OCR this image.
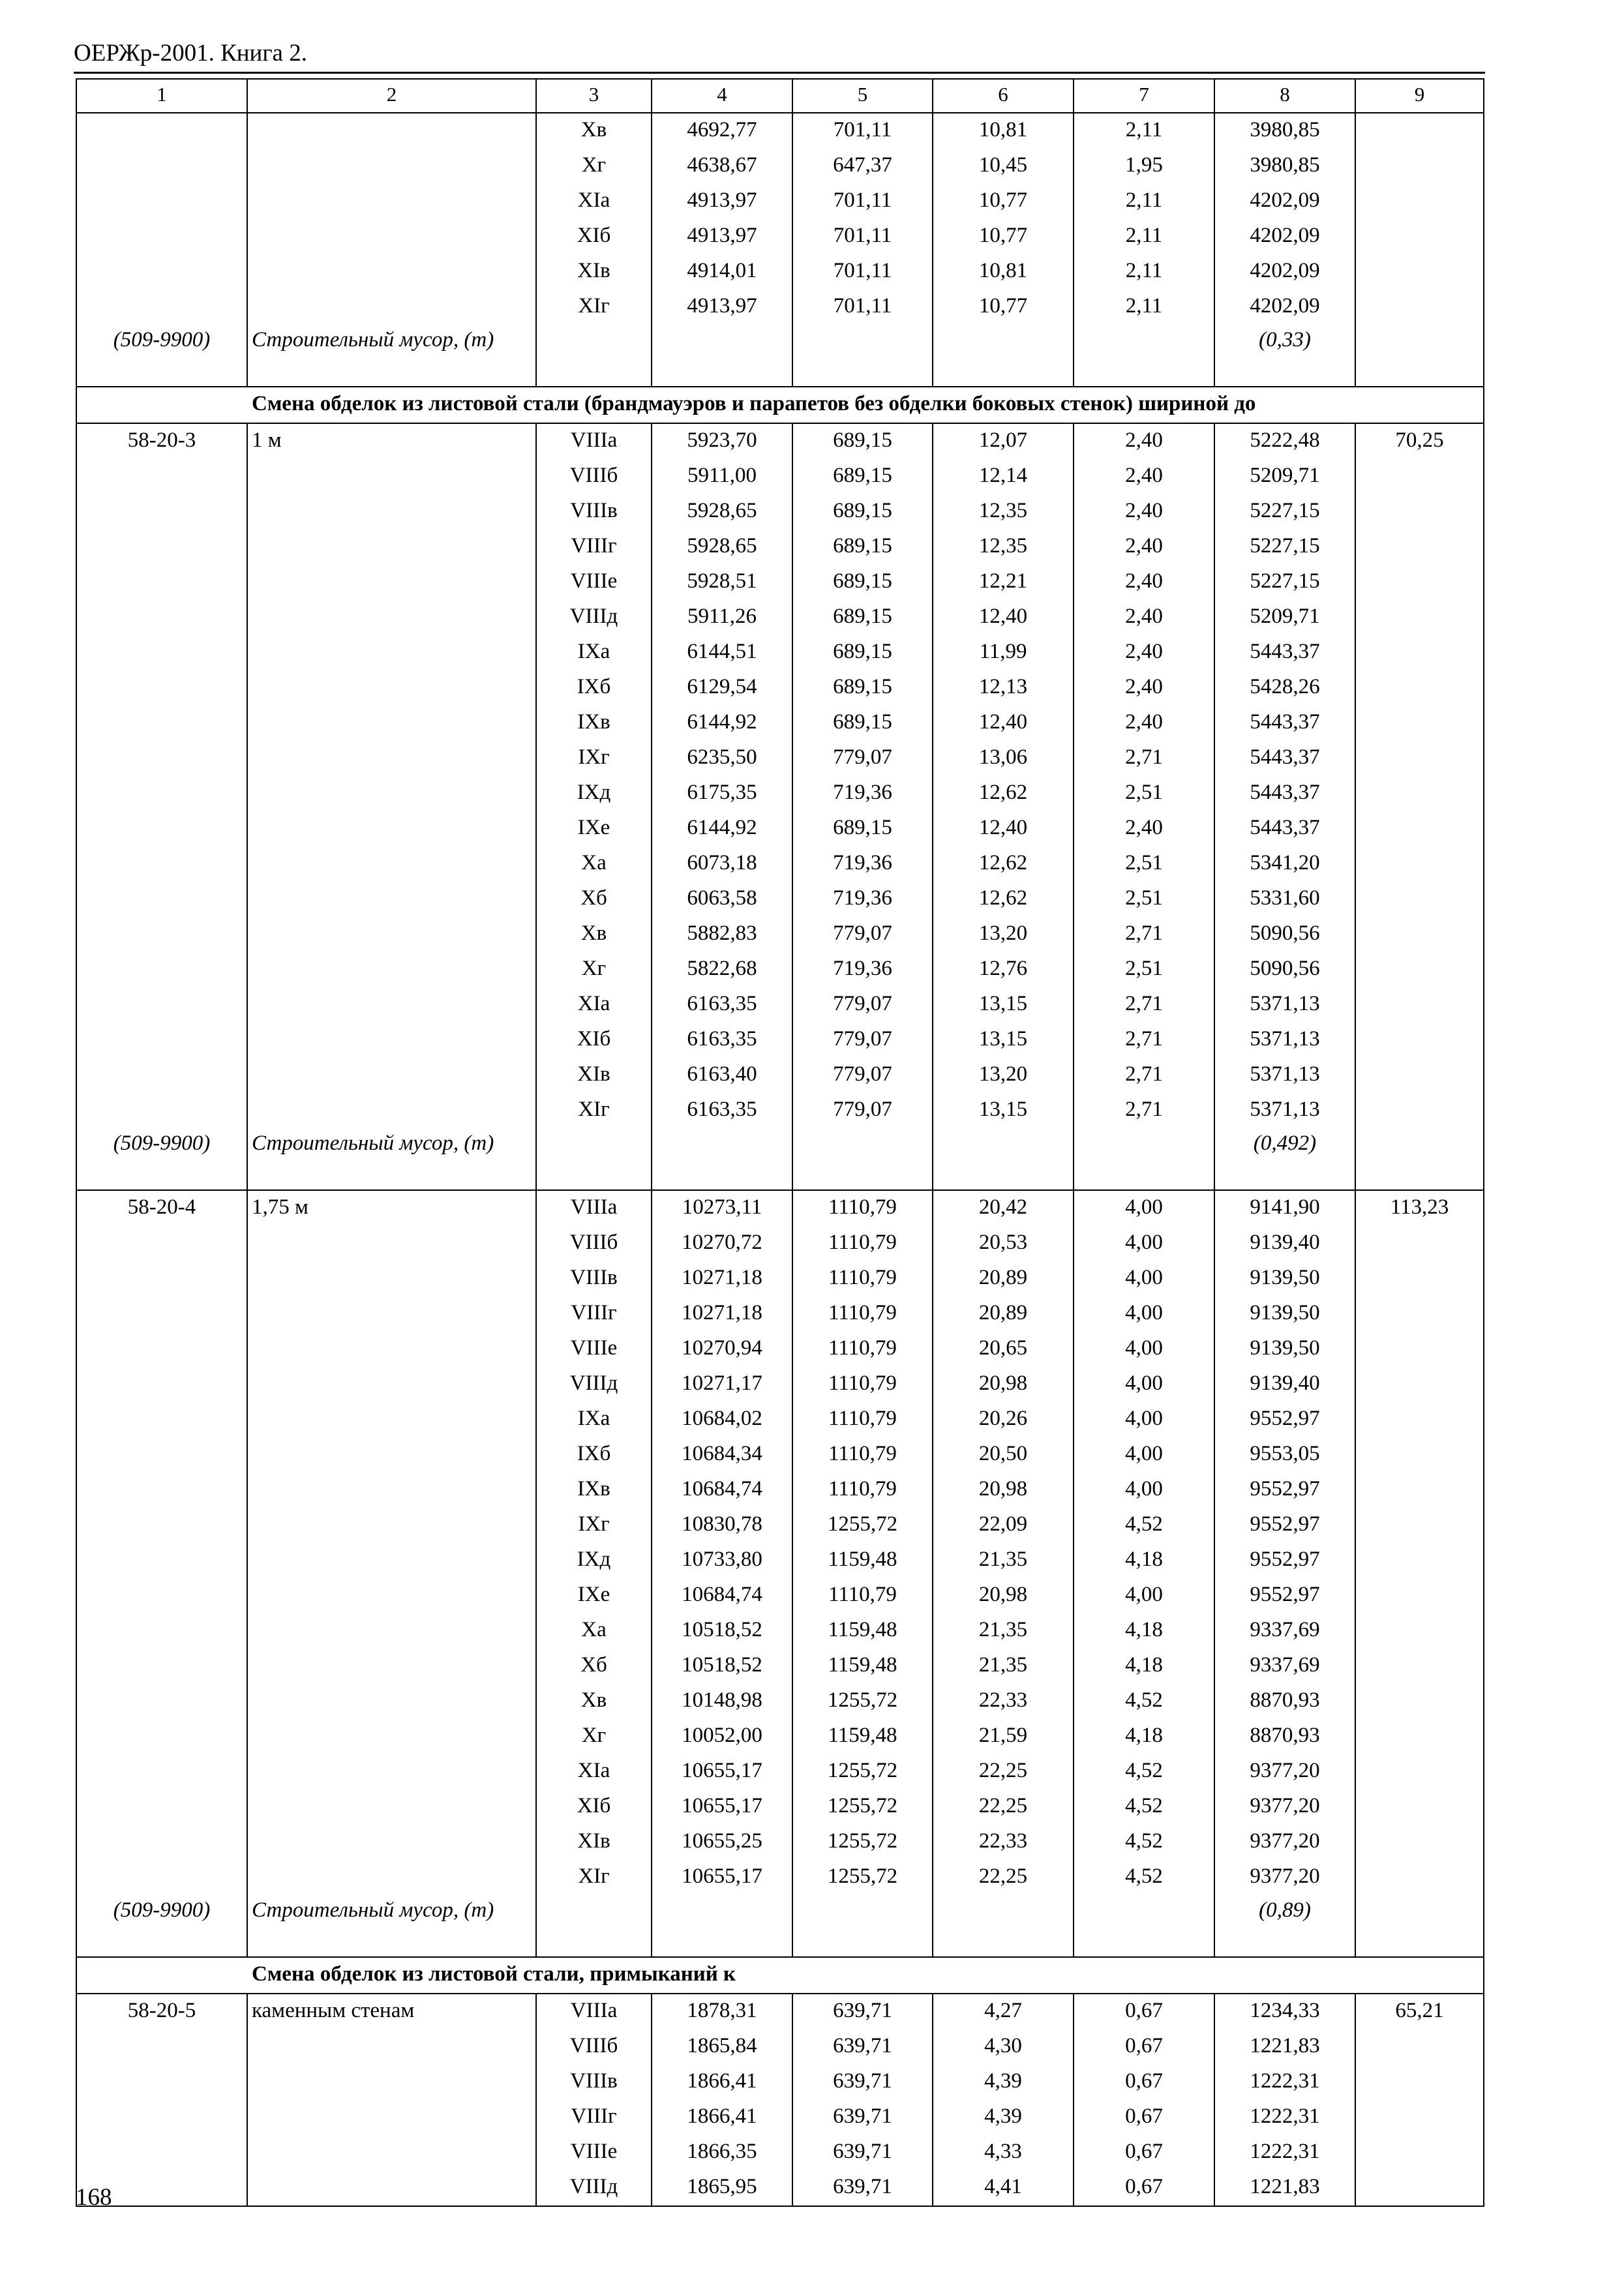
ОЕРЖр-2001. Книга 2.
1	2	3	4	5	6	7	8	9
		Xв	4692,77	701,11	10,81	2,11	3980,85	
		Xг	4638,67	647,37	10,45	1,95	3980,85	
		XIа	4913,97	701,11	10,77	2,11	4202,09	
		XIб	4913,97	701,11	10,77	2,11	4202,09	
		XIв	4914,01	701,11	10,81	2,11	4202,09	
		XIг	4913,97	701,11	10,77	2,11	4202,09	
(509-9900)	Строительный мусор, (т)						(0,33)	
Смена обделок из листовой стали (брандмауэров и парапетов без обделки боковых стенок) шириной до								
58-20-3	1 м	VIIIа	5923,70	689,15	12,07	2,40	5222,48	70,25
		VIIIб	5911,00	689,15	12,14	2,40	5209,71	
		VIIIв	5928,65	689,15	12,35	2,40	5227,15	
		VIIIг	5928,65	689,15	12,35	2,40	5227,15	
		VIIIе	5928,51	689,15	12,21	2,40	5227,15	
		VIIIд	5911,26	689,15	12,40	2,40	5209,71	
		IXа	6144,51	689,15	11,99	2,40	5443,37	
		IXб	6129,54	689,15	12,13	2,40	5428,26	
		IXв	6144,92	689,15	12,40	2,40	5443,37	
		IXг	6235,50	779,07	13,06	2,71	5443,37	
		IXд	6175,35	719,36	12,62	2,51	5443,37	
		IXе	6144,92	689,15	12,40	2,40	5443,37	
		Xа	6073,18	719,36	12,62	2,51	5341,20	
		Xб	6063,58	719,36	12,62	2,51	5331,60	
		Xв	5882,83	779,07	13,20	2,71	5090,56	
		Xг	5822,68	719,36	12,76	2,51	5090,56	
		XIа	6163,35	779,07	13,15	2,71	5371,13	
		XIб	6163,35	779,07	13,15	2,71	5371,13	
		XIв	6163,40	779,07	13,20	2,71	5371,13	
		XIг	6163,35	779,07	13,15	2,71	5371,13	
(509-9900)	Строительный мусор, (т)						(0,492)	
58-20-4	1,75 м	VIIIа	10273,11	1110,79	20,42	4,00	9141,90	113,23
		VIIIб	10270,72	1110,79	20,53	4,00	9139,40	
		VIIIв	10271,18	1110,79	20,89	4,00	9139,50	
		VIIIг	10271,18	1110,79	20,89	4,00	9139,50	
		VIIIе	10270,94	1110,79	20,65	4,00	9139,50	
		VIIIд	10271,17	1110,79	20,98	4,00	9139,40	
		IXа	10684,02	1110,79	20,26	4,00	9552,97	
		IXб	10684,34	1110,79	20,50	4,00	9553,05	
		IXв	10684,74	1110,79	20,98	4,00	9552,97	
		IXг	10830,78	1255,72	22,09	4,52	9552,97	
		IXд	10733,80	1159,48	21,35	4,18	9552,97	
		IXе	10684,74	1110,79	20,98	4,00	9552,97	
		Xа	10518,52	1159,48	21,35	4,18	9337,69	
		Xб	10518,52	1159,48	21,35	4,18	9337,69	
		Xв	10148,98	1255,72	22,33	4,52	8870,93	
		Xг	10052,00	1159,48	21,59	4,18	8870,93	
		XIа	10655,17	1255,72	22,25	4,52	9377,20	
		XIб	10655,17	1255,72	22,25	4,52	9377,20	
		XIв	10655,25	1255,72	22,33	4,52	9377,20	
		XIг	10655,17	1255,72	22,25	4,52	9377,20	
(509-9900)	Строительный мусор, (т)						(0,89)	
Смена обделок из листовой стали, примыканий к								
58-20-5	каменным стенам	VIIIа	1878,31	639,71	4,27	0,67	1234,33	65,21
		VIIIб	1865,84	639,71	4,30	0,67	1221,83	
		VIIIв	1866,41	639,71	4,39	0,67	1222,31	
		VIIIг	1866,41	639,71	4,39	0,67	1222,31	
		VIIIе	1866,35	639,71	4,33	0,67	1222,31	
		VIIIд	1865,95	639,71	4,41	0,67	1221,83	
168
